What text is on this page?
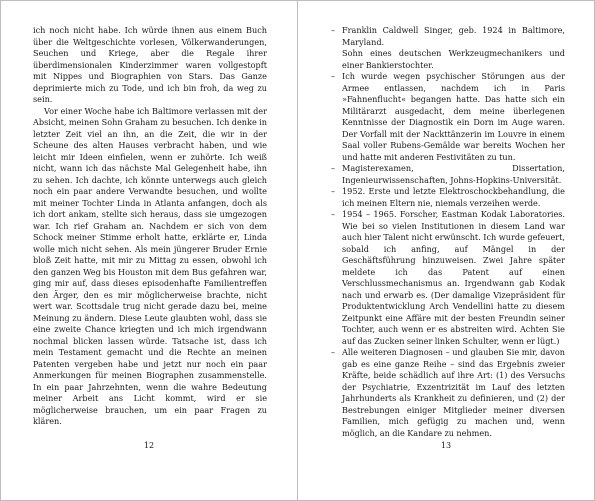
ich noch nicht habe. Ich würde ihnen aus einem Buch über die Weltgeschichte vorlesen, Völkerwanderungen, Seuchen und Kriege, aber die Regale ihrer überdimensionalen Kinderzimmer waren vollgestopft mit Nippes und Biographien von Stars. Das Ganze deprimierte mich zu Tode, und ich bin froh, da weg zu sein.

Vor einer Woche habe ich Baltimore verlassen mit der Absicht, meinen Sohn Graham zu besuchen. Ich denke in letzter Zeit viel an ihn, an die Zeit, die wir in der Scheune des alten Hauses verbracht haben, und wie leicht mir Ideen einfielen, wenn er zuhörte. Ich weiß nicht, wann ich das nächste Mal Gelegenheit habe, ihn zu sehen. Ich dachte, ich könnte unterwegs auch gleich noch ein paar andere Verwandte besuchen, und wollte mit meiner Tochter Linda in Atlanta anfangen, doch als ich dort ankam, stellte sich heraus, dass sie umgezogen war. Ich rief Graham an. Nachdem er sich von dem Schock meiner Stimme erholt hatte, erklärte er, Linda wolle mich nicht sehen. Als mein jüngerer Bruder Ernie bloß Zeit hatte, mit mir zu Mittag zu essen, obwohl ich den ganzen Weg bis Houston mit dem Bus gefahren war, ging mir auf, dass dieses episodenhafte Familientreffen den Ärger, den es mir möglicherweise brachte, nicht wert war. Scottsdale trug nicht gerade dazu bei, meine Meinung zu ändern. Diese Leute glaubten wohl, dass sie eine zweite Chance kriegten und ich mich irgendwann nochmal blicken lassen würde. Tatsache ist, dass ich mein Testament gemacht und die Rechte an meinen Patenten vergeben habe und jetzt nur noch ein paar Anmerkungen für meinen Biographen zusammenstelle. In ein paar Jahrzehnten, wenn die wahre Bedeutung meiner Arbeit ans Licht kommt, wird er sie möglicherweise brauchen, um ein paar Fragen zu klären.

12
– Franklin Caldwell Singer, geb. 1924 in Baltimore, Maryland.

Sohn eines deutschen Werkzeugmechanikers und einer Bankierstochter.

– Ich wurde wegen psychischer Störungen aus der Armee entlassen, nachdem ich in Paris »Fahnenflucht« begangen hatte. Das hatte sich ein Militärarzt ausgedacht, dem meine überlegenen Kenntnisse der Diagnostik ein Dorn im Auge waren. Der Vorfall mit der Nackttänzerin im Louvre in einem Saal voller Rubens-Gemälde war bereits Wochen her und hatte mit anderen Festivitäten zu tun.

– Magisterexamen, Dissertation, Ingenieurwissenschaften, Johns-Hopkins-Universität.

– 1952. Erste und letzte Elektroschockbehandlung, die ich meinen Eltern nie, niemals verzeihen werde.

– 1954 – 1965. Forscher, Eastman Kodak Laboratories. Wie bei so vielen Institutionen in diesem Land war auch hier Talent nicht erwünscht. Ich wurde gefeuert, sobald ich anfing, auf Mängel in der Geschäftsführung hinzuweisen. Zwei Jahre später meldete ich das Patent auf einen Verschlussmechanismus an. Irgendwann gab Kodak nach und erwarb es. (Der damalige Vizepräsident für Produktentwicklung Arch Vendellini hatte zu diesem Zeitpunkt eine Affäre mit der besten Freundin seiner Tochter, auch wenn er es abstreiten wird. Achten Sie auf das Zucken seiner linken Schulter, wenn er lügt.)

– Alle weiteren Diagnosen – und glauben Sie mir, davon gab es eine ganze Reihe – sind das Ergebnis zweier Kräfte, beide schädlich auf ihre Art: (1) des Versuchs der Psychiatrie, Exzentrizität im Lauf des letzten Jahrhunderts als Krankheit zu definieren, und (2) der Bestrebungen einiger Mitglieder meiner diversen Familien, mich gefügig zu machen und, wenn möglich, an die Kandare zu nehmen.

13
